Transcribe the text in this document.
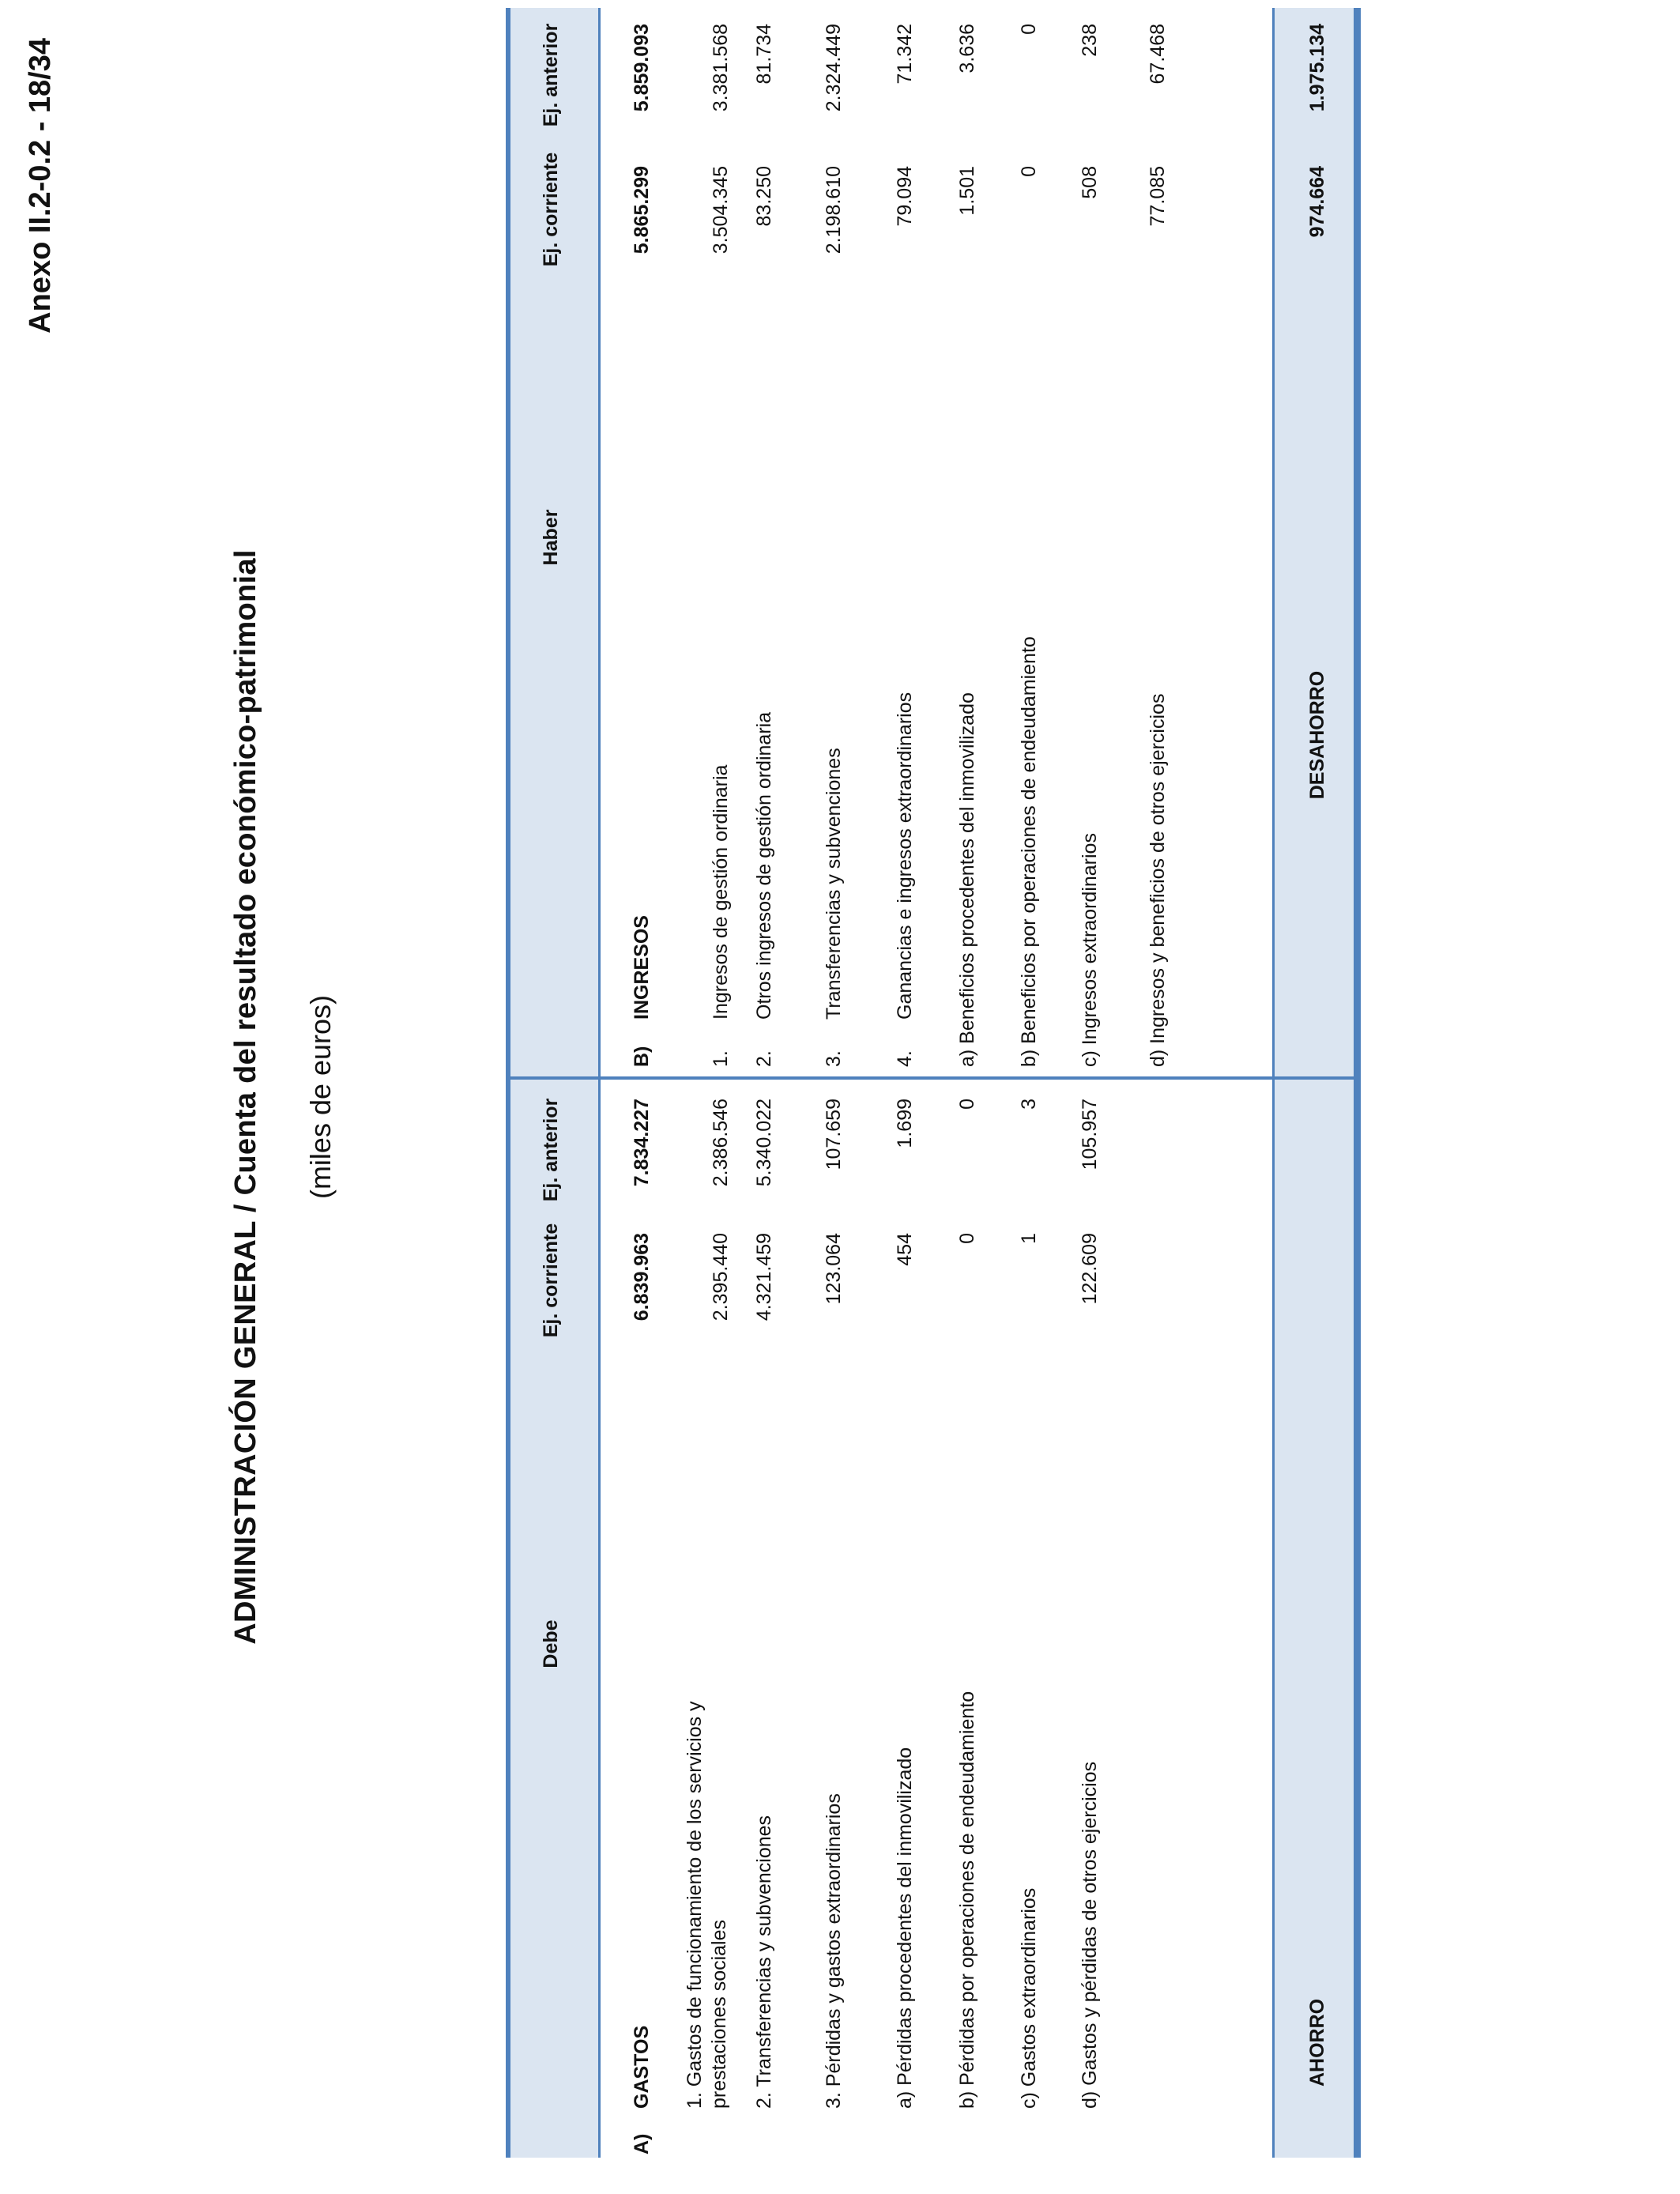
Anexo II.2-0.2 - 18/34
ADMINISTRACIÓN GENERAL / Cuenta del resultado económico-patrimonial (miles de euros)
Debe
Ej. corriente
Ej. anterior
Haber
Ej. corriente
Ej. anterior
A)
GASTOS
6.839.963
7.834.227
1. Gastos de funcionamiento de los servicios y prestaciones sociales
2.395.440
2.386.546
2. Transferencias y subvenciones
4.321.459
5.340.022
3. Pérdidas y gastos extraordinarios
123.064
107.659
a) Pérdidas procedentes del inmovilizado
454
1.699
b) Pérdidas por operaciones de endeudamiento
0
0
c) Gastos extraordinarios
1
3
d) Gastos y pérdidas de otros ejercicios
122.609
105.957
B)
INGRESOS
5.865.299
5.859.093
1.
Ingresos de gestión ordinaria
3.504.345
3.381.568
2.
Otros ingresos de gestión ordinaria
83.250
81.734
3.
Transferencias y subvenciones
2.198.610
2.324.449
4.
Ganancias e ingresos extraordinarios
79.094
71.342
a) Beneficios procedentes del inmovilizado
1.501
3.636
b) Beneficios por operaciones de endeudamiento
0
0
c) Ingresos extraordinarios
508
238
d) Ingresos y beneficios de otros ejercicios
77.085
67.468
AHORRO
DESAHORRO
974.664
1.975.134
